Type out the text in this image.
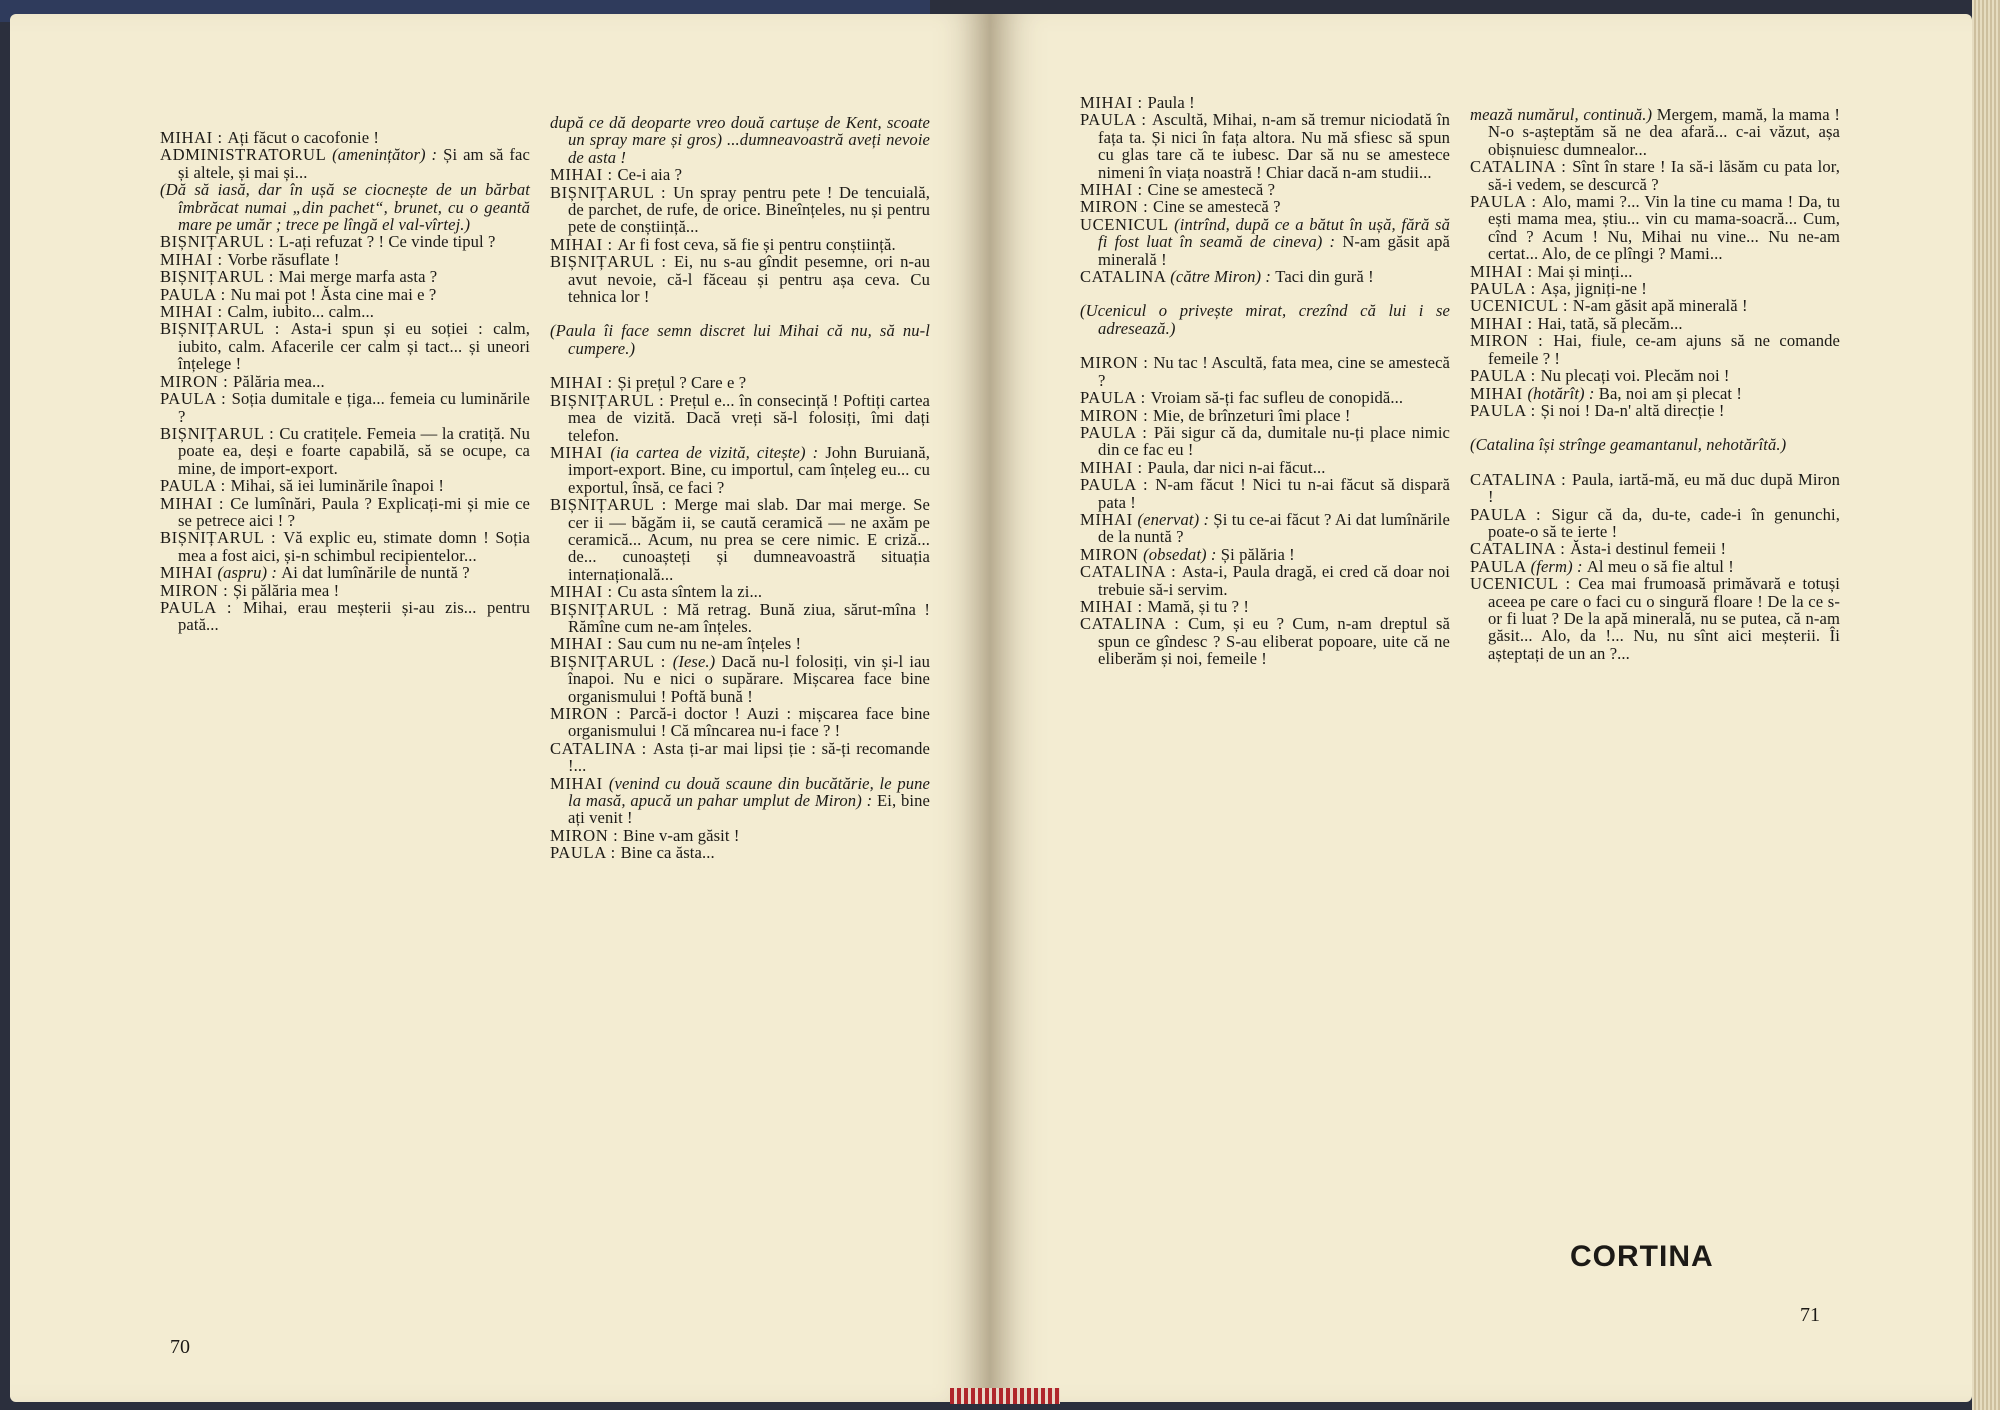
MIHAI : Ați făcut o cacofonie !

ADMINISTRATORUL (amenințător) : Și am să fac și altele, și mai și...

(Dă să iasă, dar în ușă se ciocnește de un bărbat îmbrăcat numai „din pachet“, brunet, cu o geantă mare pe umăr ; trece pe lîngă el val-vîrtej.)

BIȘNIȚARUL : L-ați refuzat ? ! Ce vinde tipul ?

MIHAI : Vorbe răsuflate !

BIȘNIȚARUL : Mai merge marfa asta ?

PAULA : Nu mai pot ! Ăsta cine mai e ?

MIHAI : Calm, iubito... calm...

BIȘNIȚARUL : Asta-i spun și eu soției : calm, iubito, calm. Afacerile cer calm și tact... și uneori înțelege !

MIRON : Pălăria mea...

PAULA : Soția dumitale e țiga... femeia cu luminările ?

BIȘNIȚARUL : Cu cratițele. Femeia — la cratiță. Nu poate ea, deși e foarte capabilă, să se ocupe, ca mine, de import-export.

PAULA : Mihai, să iei luminările înapoi !

MIHAI : Ce lumînări, Paula ? Explicați-mi și mie ce se petrece aici ! ?

BIȘNIȚARUL : Vă explic eu, stimate domn ! Soția mea a fost aici, și-n schimbul recipientelor...

MIHAI (aspru) : Ai dat lumînările de nuntă ?

MIRON : Și pălăria mea !

PAULA : Mihai, erau meșterii și-au zis... pentru pată...

după ce dă deoparte vreo două cartușe de Kent, scoate un spray mare și gros) ...dumneavoastră aveți nevoie de asta !

MIHAI : Ce-i aia ?

BIȘNIȚARUL : Un spray pentru pete ! De tencuială, de parchet, de rufe, de orice. Bineînțeles, nu și pentru pete de conștiință...

MIHAI : Ar fi fost ceva, să fie și pentru conștiință.

BIȘNIȚARUL : Ei, nu s-au gîndit pesemne, ori n-au avut nevoie, că-l făceau și pentru așa ceva. Cu tehnica lor !

(Paula îi face semn discret lui Mihai că nu, să nu-l cumpere.)

MIHAI : Și prețul ? Care e ?

BIȘNIȚARUL : Prețul e... în consecință ! Poftiți cartea mea de vizită. Dacă vreți să-l folosiți, îmi dați telefon.

MIHAI (ia cartea de vizită, citește) : John Buruiană, import-export. Bine, cu importul, cam înțeleg eu... cu exportul, însă, ce faci ?

BIȘNIȚARUL : Merge mai slab. Dar mai merge. Se cer ii — băgăm ii, se caută ceramică — ne axăm pe ceramică... Acum, nu prea se cere nimic. E criză... de... cunoașteți și dumneavoastră situația internațională...

MIHAI : Cu asta sîntem la zi...

BIȘNIȚARUL : Mă retrag. Bună ziua, sărut-mîna ! Rămîne cum ne-am înțeles.

MIHAI : Sau cum nu ne-am înțeles !

BIȘNIȚARUL : (Iese.) Dacă nu-l folosiți, vin și-l iau înapoi. Nu e nici o supărare. Mișcarea face bine organismului ! Poftă bună !

MIRON : Parcă-i doctor ! Auzi : mișcarea face bine organismului ! Că mîncarea nu-i face ? !

CATALINA : Asta ți-ar mai lipsi ție : să-ți recomande !...

MIHAI (venind cu două scaune din bucătărie, le pune la masă, apucă un pahar umplut de Miron) : Ei, bine ați venit !

MIRON : Bine v-am găsit !

PAULA : Bine ca ăsta...

70

MIHAI : Paula !

PAULA : Ascultă, Mihai, n-am să tremur niciodată în fața ta. Și nici în fața altora. Nu mă sfiesc să spun cu glas tare că te iubesc. Dar să nu se amestece nimeni în viața noastră ! Chiar dacă n-am studii...

MIHAI : Cine se amestecă ?

MIRON : Cine se amestecă ?

UCENICUL (intrînd, după ce a bătut în ușă, fără să fi fost luat în seamă de cineva) : N-am găsit apă minerală !

CATALINA (către Miron) : Taci din gură !

(Ucenicul o privește mirat, crezînd că lui i se adresează.)

MIRON : Nu tac ! Ascultă, fata mea, cine se amestecă ?

PAULA : Vroiam să-ți fac sufleu de conopidă...

MIRON : Mie, de brînzeturi îmi place !

PAULA : Păi sigur că da, dumitale nu-ți place nimic din ce fac eu !

MIHAI : Paula, dar nici n-ai făcut...

PAULA : N-am făcut ! Nici tu n-ai făcut să dispară pata !

MIHAI (enervat) : Și tu ce-ai făcut ? Ai dat lumînările de la nuntă ?

MIRON (obsedat) : Și pălăria !

CATALINA : Asta-i, Paula dragă, ei cred că doar noi trebuie să-i servim.

MIHAI : Mamă, și tu ? !

CATALINA : Cum, și eu ? Cum, n-am dreptul să spun ce gîndesc ? S-au eliberat popoare, uite că ne eliberăm și noi, femeile !

mează numărul, continuă.) Mergem, mamă, la mama ! N-o s-așteptăm să ne dea afară... c-ai văzut, așa obișnuiesc dumnealor...

CATALINA : Sînt în stare ! Ia să-i lăsăm cu pata lor, să-i vedem, se descurcă ?

PAULA : Alo, mami ?... Vin la tine cu mama ! Da, tu ești mama mea, știu... vin cu mama-soacră... Cum, cînd ? Acum ! Nu, Mihai nu vine... Nu ne-am certat... Alo, de ce plîngi ? Mami...

MIHAI : Mai și minți...

PAULA : Așa, jigniți-ne !

UCENICUL : N-am găsit apă minerală !

MIHAI : Hai, tată, să plecăm...

MIRON : Hai, fiule, ce-am ajuns să ne comande femeile ? !

PAULA : Nu plecați voi. Plecăm noi !

MIHAI (hotărît) : Ba, noi am și plecat !

PAULA : Și noi ! Da-n' altă direcție !

(Catalina își strînge geamantanul, nehotărîtă.)

CATALINA : Paula, iartă-mă, eu mă duc după Miron !

PAULA : Sigur că da, du-te, cade-i în genunchi, poate-o să te ierte !

CATALINA : Ăsta-i destinul femeii !

PAULA (ferm) : Al meu o să fie altul !

UCENICUL : Cea mai frumoasă primăvară e totuși aceea pe care o faci cu o singură floare ! De la ce s-or fi luat ? De la apă minerală, nu se putea, că n-am găsit... Alo, da !... Nu, nu sînt aici meșterii. Îi așteptați de un an ?...

CORTINA
71
